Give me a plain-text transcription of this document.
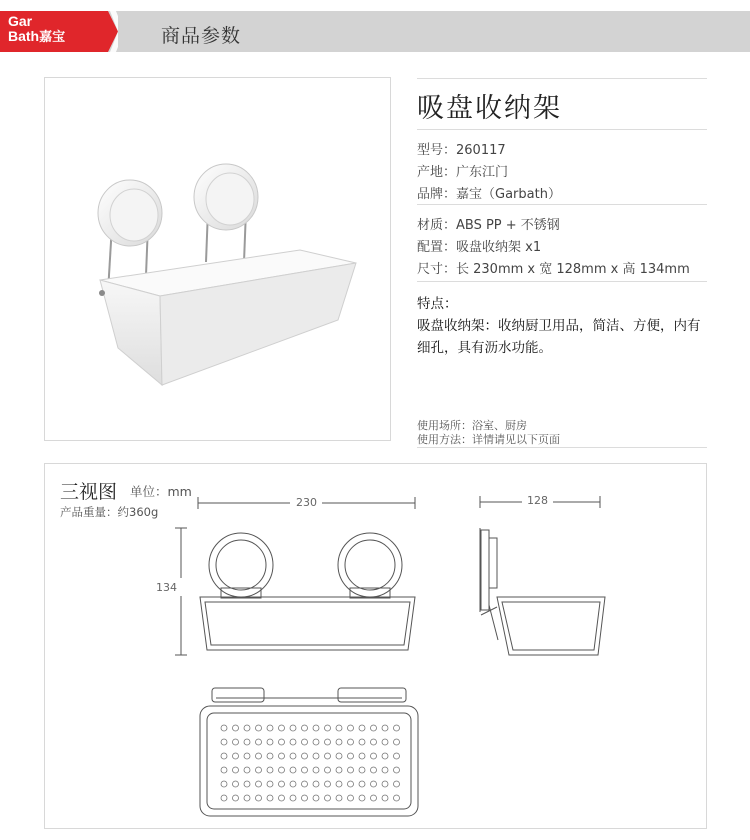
Gar
Bath嘉宝	商品参数
吸盘收纳架
型号：260117
产地：广东江门
品牌：嘉宝（Garbath）
材质：ABS PP + 不锈钢
配置：吸盘收纳架 x1
尺寸：长 230mm x 宽 128mm x 高 134mm
特点：
吸盘收纳架：收纳厨卫用品，简洁、方便，内有细孔，具有沥水功能。
使用场所：浴室、厨房
使用方法：详情请见以下页面
三视图 单位：mm
产品重量：约360g
230
134
128
